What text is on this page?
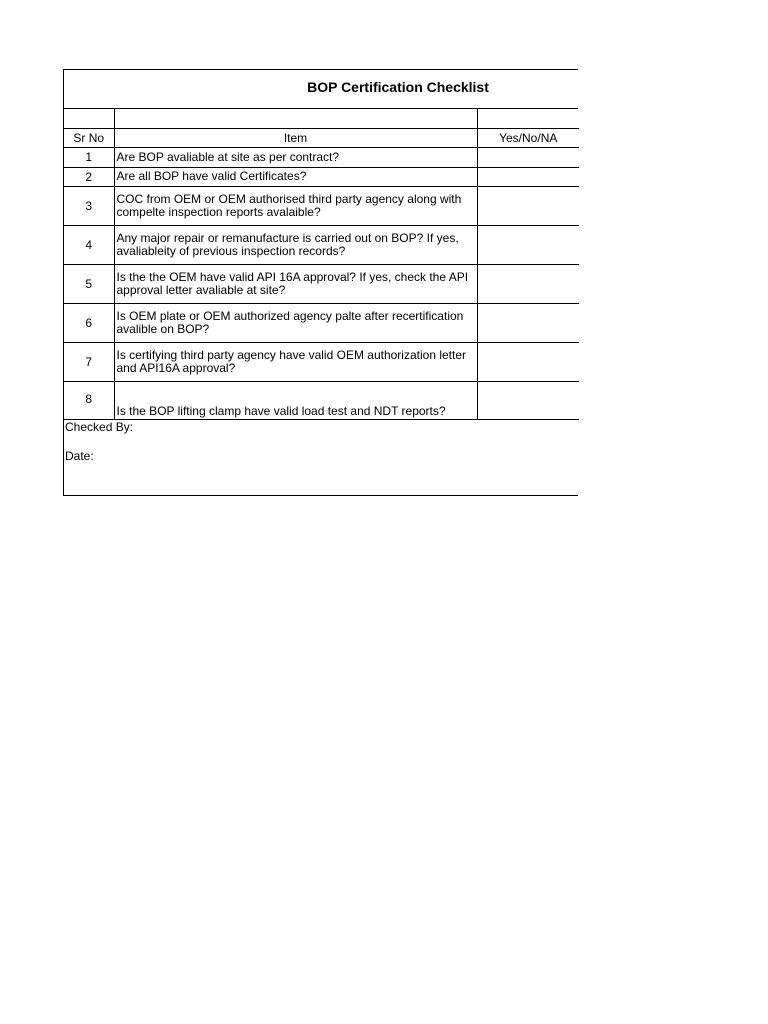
BOP Certification Checklist

Sr No	Item	Yes/No/NA
1	Are BOP avaliable at site as per contract?	
2	Are all BOP have valid Certificates?	
3	COC from OEM or OEM authorised third party agency along with compelte inspection reports avalaible?	
4	Any major repair or remanufacture is carried out on BOP? If yes, avaliableity of previous inspection records?	
5	Is the the OEM have valid API 16A approval? If yes, check the API approval letter avaliable at site?	
6	Is OEM plate or OEM authorized agency palte after recertification avalible on BOP?	
7	Is certifying third party agency have valid OEM authorization letter and API16A approval?	
8	Is the BOP lifting clamp have valid load test and NDT reports?	
Checked By:
Date:
